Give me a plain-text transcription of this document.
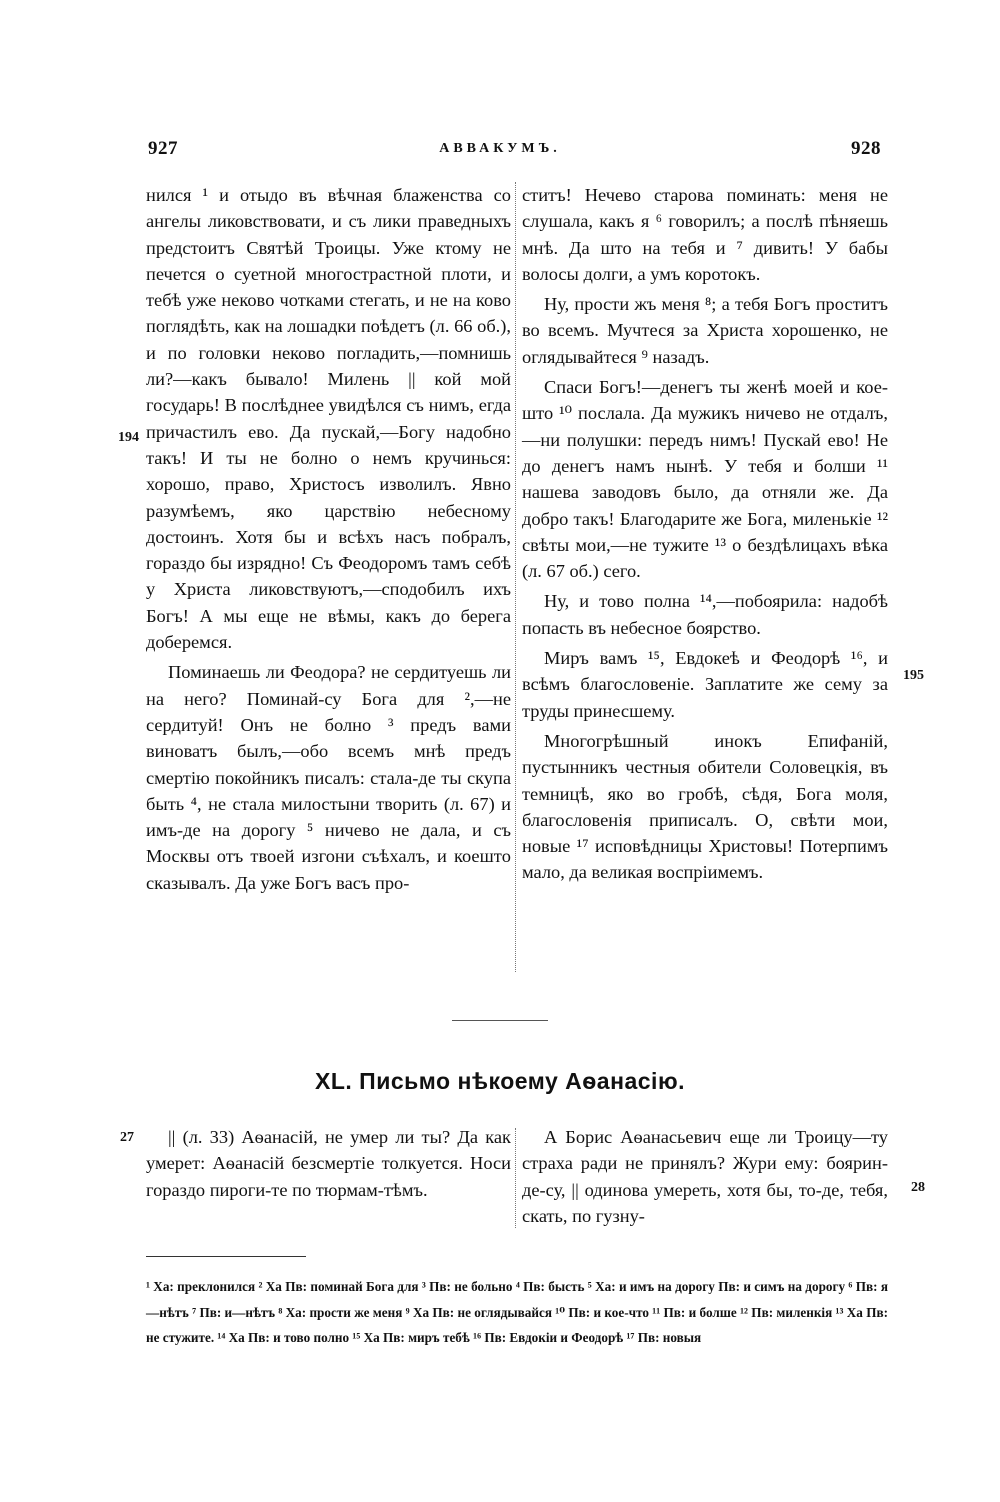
927	АВВАКУМЪ.	928
194
195
27
28

нился ¹ и отыдо въ вѣчная блаженства со ангелы ликовствовати, и съ лики праведныхъ предстоитъ Святѣй Троицы. Уже ктому не печется о суетной многострастной плоти, и тебѣ уже нековo чотками стегать, и не на ково поглядѣть, как на лошадки поѣдетъ (л. 66 об.), и по головки неково погладить,—помнишь ли?—какъ бывало! Милень || кой мой государь! В послѣднее увидѣлся съ нимъ, егда причастилъ ево. Да пускай,—Богу надобно такъ! И ты не болно о немъ кручинься: хорошо, право, Христосъ изволилъ. Явно разумѣемъ, яко царствiю небесному достоинъ. Хотя бы и всѣхъ насъ побралъ, гораздо бы изрядно! Съ Феодоромъ тамъ себѣ у Христа ликовствуютъ,—сподобилъ ихъ Богъ! А мы еще не вѣмы, какъ до берега доберемся.

Поминаешь ли Феодора? не сердитуешь ли на него? Поминай-су Бога для ²,—не сердитуй! Онъ не болно ³ предъ вами виноватъ былъ,—обо всемъ мнѣ предъ смертiю покойникъ писалъ: стала-де ты скупа быть ⁴, не стала милостыни творить (л. 67) и имъ-де на дорогу ⁵ ничево не дала, и съ Москвы отъ твоей изгони съѣхалъ, и коештo сказывалъ. Да уже Богъ васъ про-

ститъ! Нечево старова поминать: меня не слушала, какъ я ⁶ говорилъ; а послѣ пѣняешь мнѣ. Да што на тебя и ⁷ дивить! У бабы волосы долги, а умъ коротокъ.

Ну, прости жъ меня ⁸; а тебя Богъ проститъ во всемъ. Мучтеся за Христа хорошенко, не оглядывайтеся ⁹ назадъ.

Спаси Богъ!—денегъ ты женѣ моей и кое-што ¹⁰ послала. Да мужикъ ничево не отдалъ,—ни полушки: передъ нимъ! Пускай ево! Не до денегъ намъ нынѣ. У тебя и болши ¹¹ нашева заводовъ было, да отняли же. Да добро такъ! Благодарите же Бога, миленькiе ¹² свѣты мои,—не тужите ¹³ о бездѣлицахъ вѣка (л. 67 об.) сего.

Ну, и тово полна ¹⁴,—побоярила: надобѣ попасть въ небесное боярство.

Миръ вамъ ¹⁵, Евдокеѣ и Феодорѣ ¹⁶, и всѣмъ благословенiе. Заплатите же сему за труды принесшему.

Многогрѣшный инокъ Епифанiй, пустынникъ честныя обители Соловецкiя, въ темницѣ, яко во гробѣ, сѣдя, Бога моля, благословенiя приписалъ. О, свѣти мои, новые ¹⁷ исповѣдницы Христовы! Потерпимъ мало, да великая воспрiимемъ.

XL. Письмо нѣкоему Аѳанасiю.

|| (л. 33) Аѳанасiй, не умер ли ты? Да как умерет: Аѳанасiй безсмертiе толкуется. Носи гораздо пироги-те по тюрмам-тѣмъ.

А Борис Аѳанасьевич еще ли Троицу—ту страха ради не принялъ? Жури ему: боярин-де-су, || одинова умереть, хотя бы, то-де, тебя, скать, по гузну-

¹ Ха: преклонился ² Ха Пв: поминай Бога для ³ Пв: не больно ⁴ Пв: бысть ⁵ Ха: и имъ на дорогу Пв: и симъ на дорогу ⁶ Пв: я—нѣтъ ⁷ Пв: и—нѣтъ ⁸ Ха: прости же меня ⁹ Ха Пв: не оглядывайся ¹⁰ Пв: и кое-что ¹¹ Пв: и болше ¹² Пв: миленкiя ¹³ Ха Пв: не стужите. ¹⁴ Ха Пв: и тово полно ¹⁵ Ха Пв: миръ тебѣ ¹⁶ Пв: Евдокiи и Феодорѣ ¹⁷ Пв: новыя
